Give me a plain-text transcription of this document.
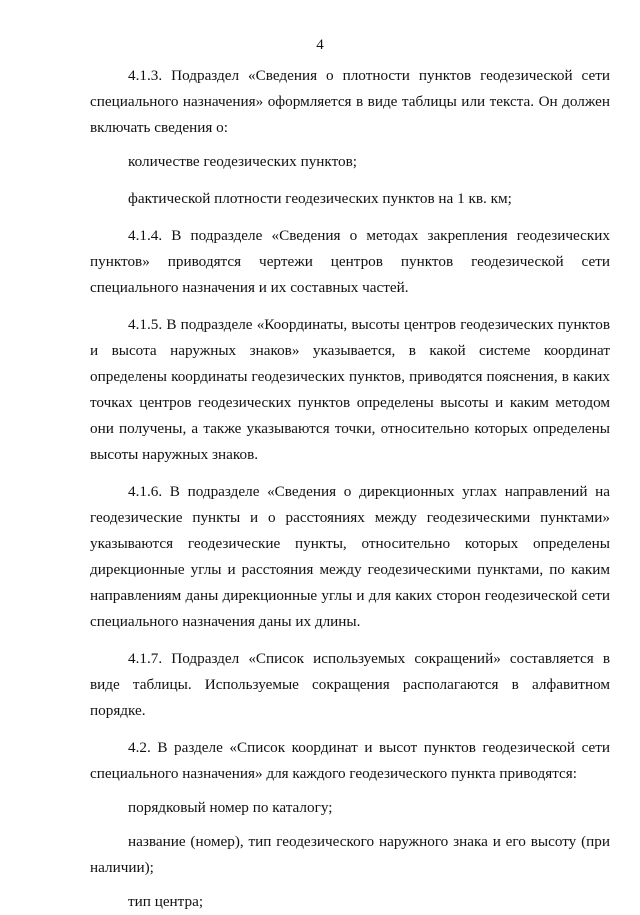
4

4.1.3. Подраздел «Сведения о плотности пунктов геодезической сети специального назначения» оформляется в виде таблицы или текста. Он должен включать сведения о:

количестве геодезических пунктов;

фактической плотности геодезических пунктов на 1 кв. км;

4.1.4. В подразделе «Сведения о методах закрепления геодезических пунктов» приводятся чертежи центров пунктов геодезической сети специального назначения и их составных частей.

4.1.5. В подразделе «Координаты, высоты центров геодезических пунктов и высота наружных знаков» указывается, в какой системе координат определены координаты геодезических пунктов, приводятся пояснения, в каких точках центров геодезических пунктов определены высоты и каким методом они получены, а также указываются точки, относительно которых определены высоты наружных знаков.

4.1.6. В подразделе «Сведения о дирекционных углах направлений на геодезические пункты и о расстояниях между геодезическими пунктами» указываются геодезические пункты, относительно которых определены дирекционные углы и расстояния между геодезическими пунктами, по каким направлениям даны дирекционные углы и для каких сторон геодезической сети специального назначения даны их длины.

4.1.7. Подраздел «Список используемых сокращений» составляется в виде таблицы. Используемые сокращения располагаются в алфавитном порядке.

4.2. В разделе «Список координат и высот пунктов геодезической сети специального назначения» для каждого геодезического пункта приводятся:

порядковый номер по каталогу;

название (номер), тип геодезического наружного знака и его высоту (при наличии);

тип центра;
